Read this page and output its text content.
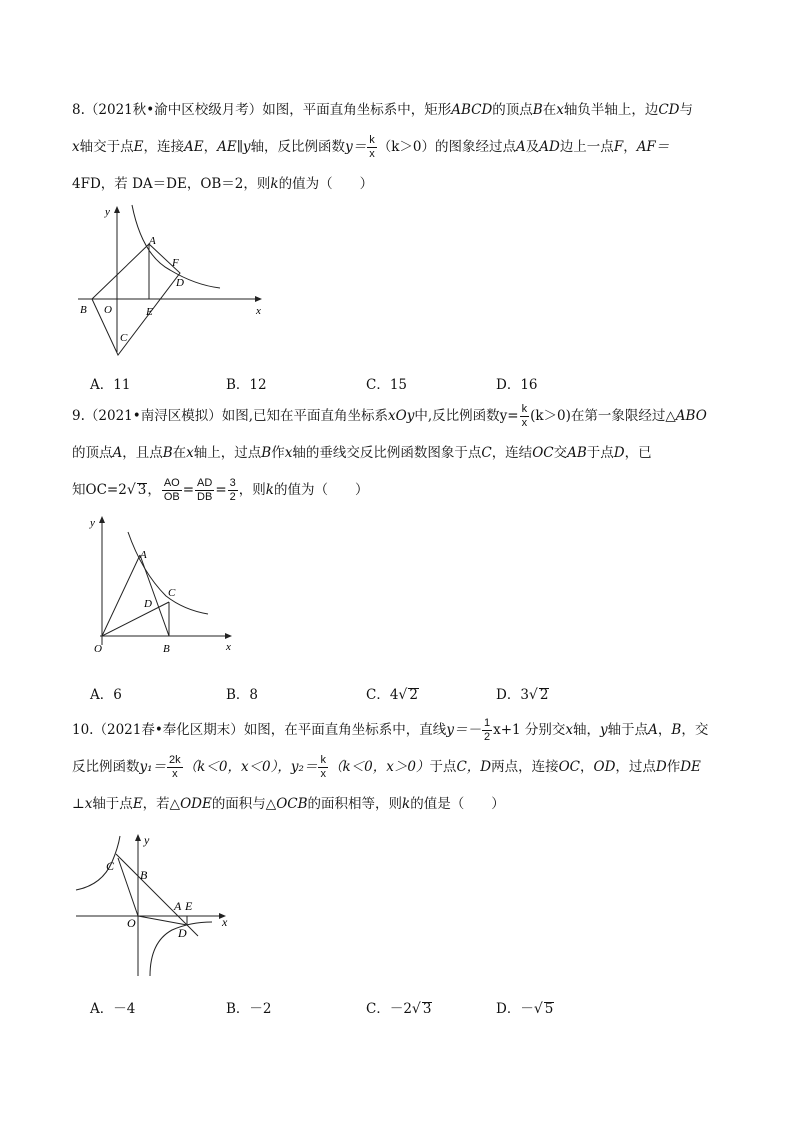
8.（2021秋•渝中区校级月考）如图，平面直角坐标系中，矩形ABCD的顶点B在x轴负半轴上，边CD与

x轴交于点E，连接AE，AE∥y轴，反比例函数$y= \frac{k}{x} (k>0)$的图象经过点A及AD边上一点F，AF＝

4FD，若 DA＝DE，OB＝2，则k的值为（　　）

y
x
A
F
D
B O	E
C
A．11	B．12	C．15	D．16

9.（2021•南浔区模拟）如图,已知在平面直角坐标系xOy中,反比例函数$y= \frac{k}{x} (k>0)$在第一象限经过△ABO

的顶点A，且点B在x轴上，过点B作x轴的垂线交反比例函数图象于点C，连结OC交AB于点D，已

知OC=2√ 3， $\frac{AO}{OB} = \frac{AD}{DB} = \frac{3}{2}$ ，则k的值为（　　）

y
x
A
C
D
O	B
A．6	B．8	C．4√ 2	D．3√ 2

10.（2021春•奉化区期末）如图，在平面直角坐标系中，直线$y=- \frac{1}{2} x+1$ 分别交x轴，y轴于点A，B，交

反比例函数$y_1= \frac{2k}{x} (k<0$，x＜0），$y_2= \frac{k}{x} (k<0$，x＞0）于点C，D两点，连接OC，OD，过点D作DE

⊥x轴于点E，若△ODE的面积与△OCB的面积相等，则k的值是（　　）

y
x
C
B
A E
O
D
A．－4	B．－2	C．－2√ 3	D．－√ 5
